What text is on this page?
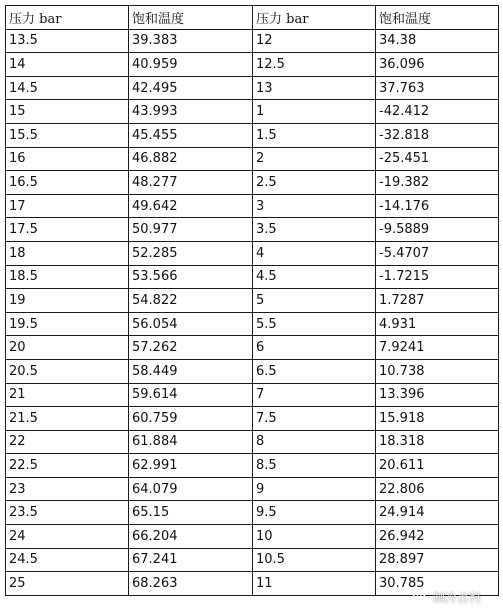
压力 bar	饱和温度	压力 bar	饱和温度
13.5	39.383	12	34.38
14	40.959	12.5	36.096
14.5	42.495	13	37.763
15	43.993	1	-42.412
15.5	45.455	1.5	-32.818
16	46.882	2	-25.451
16.5	48.277	2.5	-19.382
17	49.642	3	-14.176
17.5	50.977	3.5	-9.5889
18	52.285	4	-5.4707
18.5	53.566	4.5	-1.7215
19	54.822	5	1.7287
19.5	56.054	5.5	4.931
20	57.262	6	7.9241
20.5	58.449	6.5	10.738
21	59.614	7	13.396
21.5	60.759	7.5	15.918
22	61.884	8	18.318
22.5	62.991	8.5	20.611
23	64.079	9	22.806
23.5	65.15	9.5	24.914
24	66.204	10	26.942
24.5	67.241	10.5	28.897
25	68.263	11	30.785
制冷百科
